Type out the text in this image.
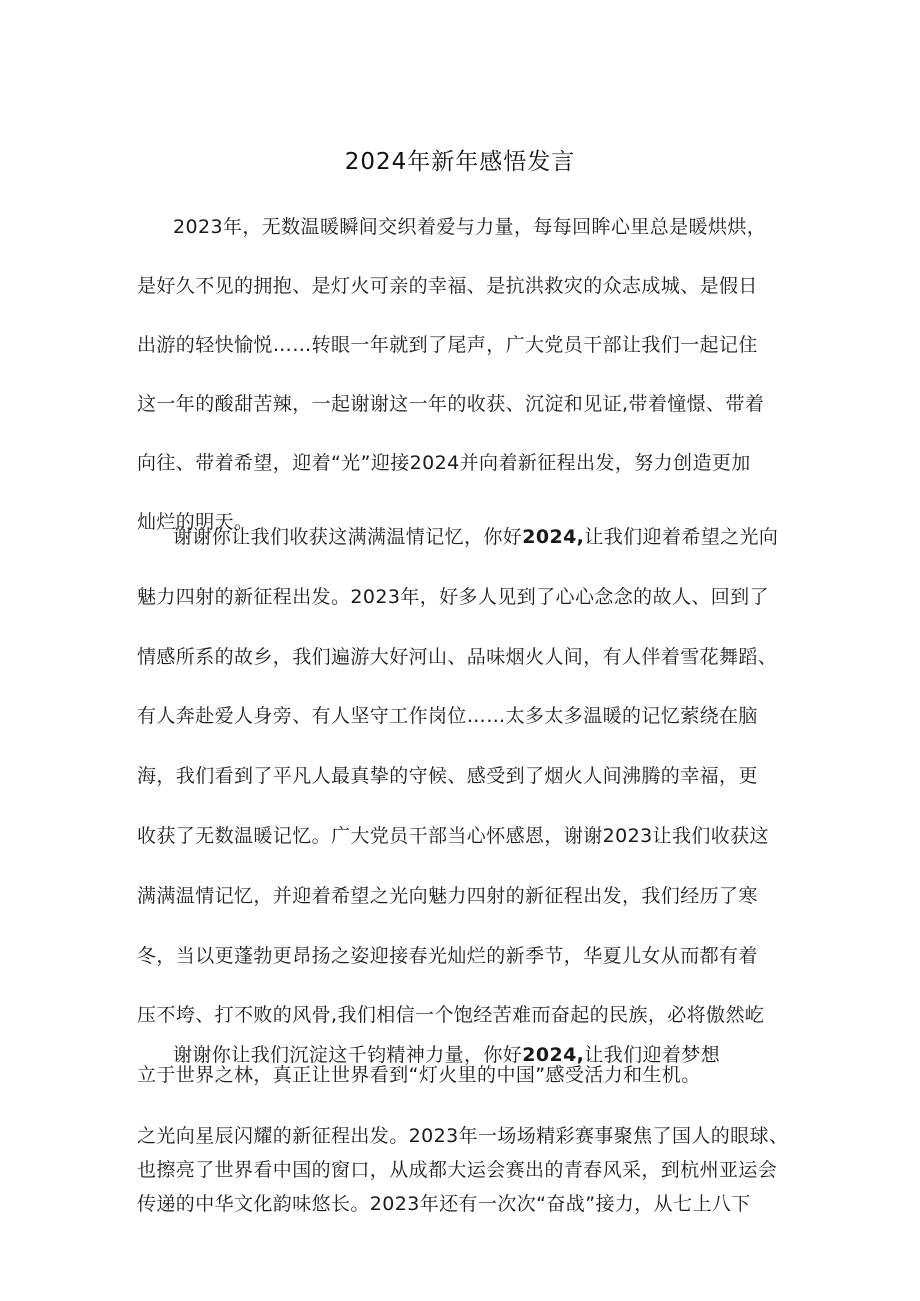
2024年新年感悟发言
2023年，无数温暖瞬间交织着爱与力量，每每回眸心里总是暖烘烘，
是好久不见的拥抱、是灯火可亲的幸福、是抗洪救灾的众志成城、是假日
出游的轻快愉悦……转眼一年就到了尾声，广大党员干部让我们一起记住
这一年的酸甜苦辣，一起谢谢这一年的收获、沉淀和见证,带着憧憬、带着
向往、带着希望，迎着“光”迎接2024并向着新征程出发，努力创造更加
灿烂的明天。
谢谢你让我们收获这满满温情记忆，你好2024,让我们迎着希望之光向
魅力四射的新征程出发。2023年，好多人见到了心心念念的故人、回到了
情感所系的故乡，我们遍游大好河山、品味烟火人间，有人伴着雪花舞蹈、
有人奔赴爱人身旁、有人坚守工作岗位……太多太多温暖的记忆萦绕在脑
海，我们看到了平凡人最真挚的守候、感受到了烟火人间沸腾的幸福，更
收获了无数温暖记忆。广大党员干部当心怀感恩，谢谢2023让我们收获这
满满温情记忆，并迎着希望之光向魅力四射的新征程出发，我们经历了寒
冬，当以更蓬勃更昂扬之姿迎接春光灿烂的新季节，华夏儿女从而都有着
压不垮、打不败的风骨,我们相信一个饱经苦难而奋起的民族，必将傲然屹
立于世界之林，真正让世界看到“灯火里的中国”感受活力和生机。
谢谢你让我们沉淀这千钧精神力量，你好2024,让我们迎着梦想
之光向星辰闪耀的新征程出发。2023年一场场精彩赛事聚焦了国人的眼球、
也擦亮了世界看中国的窗口，从成都大运会赛出的青春风采，到杭州亚运会
传递的中华文化韵味悠长。2023年还有一次次“奋战”接力，从七上八下
